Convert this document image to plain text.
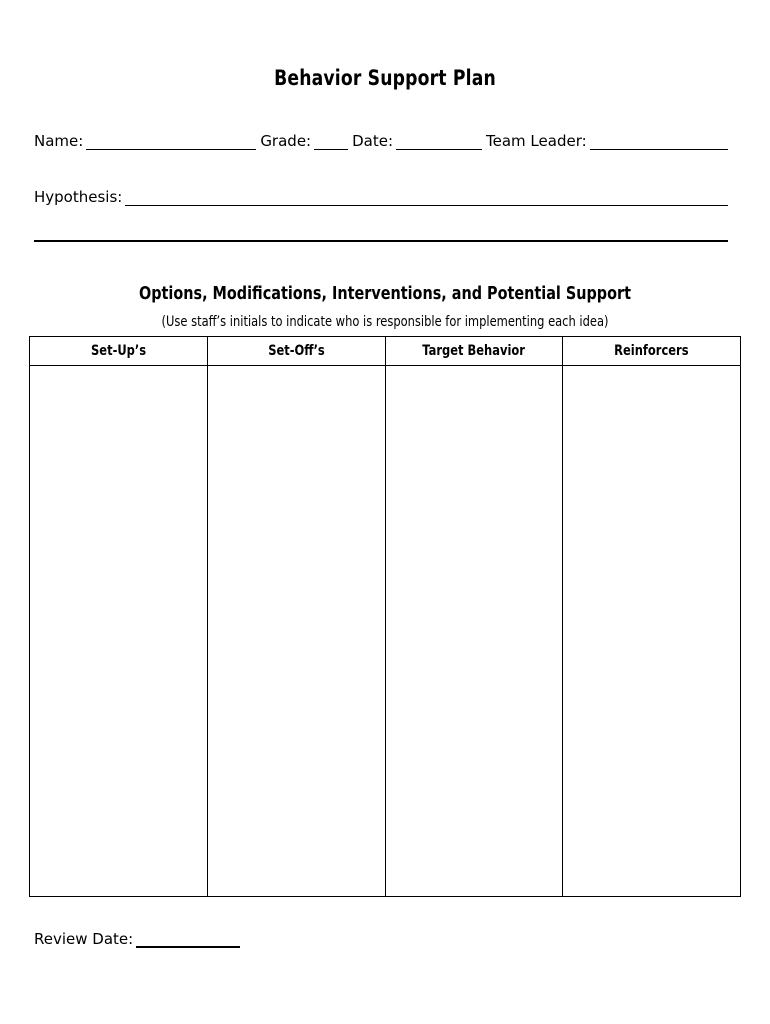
Behavior Support Plan
Name:	Grade:	Date:	Team Leader:
Hypothesis:
Options, Modifications, Interventions, and Potential Support
(Use staff’s initials to indicate who is responsible for implementing each idea)
Set-Up’s	Set-Off’s	Target Behavior	Reinforcers

Review Date:
